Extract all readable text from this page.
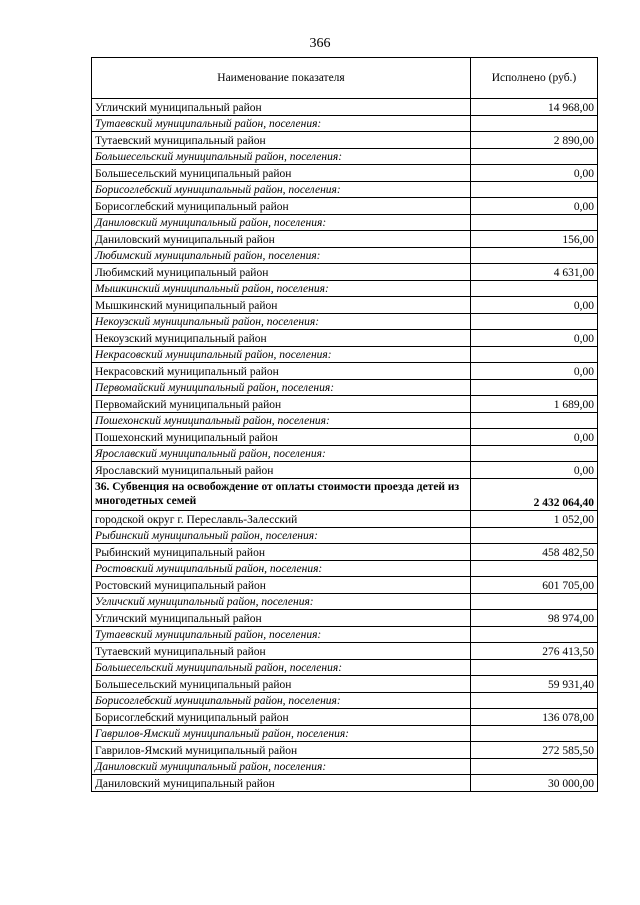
366
Наименование показателя	Исполнено (руб.)
Угличский муниципальный район	14 968,00
Тутаевский муниципальный район, поселения:	
Тутаевский муниципальный район	2 890,00
Большесельский муниципальный район, поселения:	
Большесельский муниципальный район	0,00
Борисоглебский муниципальный район, поселения:	
Борисоглебский муниципальный район	0,00
Даниловский муниципальный район, поселения:	
Даниловский муниципальный район	156,00
Любимский муниципальный район, поселения:	
Любимский муниципальный район	4 631,00
Мышкинский муниципальный район, поселения:	
Мышкинский муниципальный район	0,00
Некоузский муниципальный район, поселения:	
Некоузский муниципальный район	0,00
Некрасовский муниципальный район, поселения:	
Некрасовский муниципальный район	0,00
Первомайский муниципальный район, поселения:	
Первомайский муниципальный район	1 689,00
Пошехонский муниципальный район, поселения:	
Пошехонский муниципальный район	0,00
Ярославский муниципальный район, поселения:	
Ярославский муниципальный район	0,00
36. Субвенция на освобождение от оплаты стоимости проезда детей из многодетных семей	2 432 064,40
городской округ г. Переславль-Залесский	1 052,00
Рыбинский муниципальный район, поселения:	
Рыбинский муниципальный район	458 482,50
Ростовский муниципальный район, поселения:	
Ростовский муниципальный район	601 705,00
Угличский муниципальный район, поселения:	
Угличский муниципальный район	98 974,00
Тутаевский муниципальный район, поселения:	
Тутаевский муниципальный район	276 413,50
Большесельский муниципальный район, поселения:	
Большесельский муниципальный район	59 931,40
Борисоглебский муниципальный район, поселения:	
Борисоглебский муниципальный район	136 078,00
Гаврилов-Ямский муниципальный район, поселения:	
Гаврилов-Ямский муниципальный район	272 585,50
Даниловский муниципальный район, поселения:	
Даниловский муниципальный район	30 000,00
